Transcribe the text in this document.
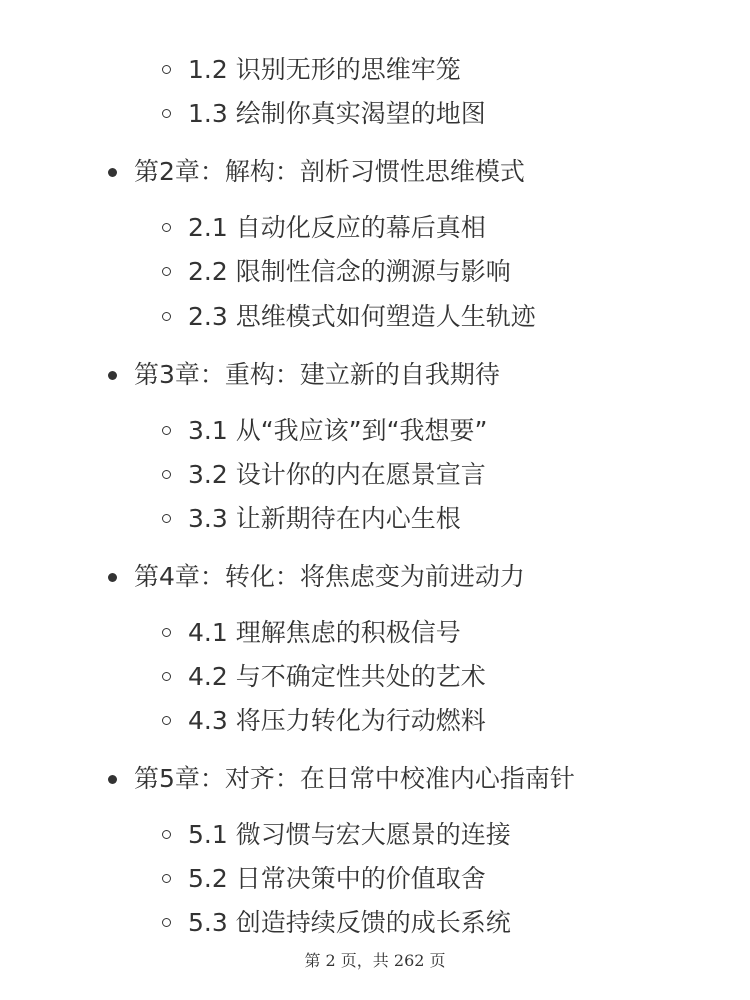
1.2 识别无形的思维牢笼
1.3 绘制你真实渴望的地图
第2章：解构：剖析习惯性思维模式
2.1 自动化反应的幕后真相
2.2 限制性信念的溯源与影响
2.3 思维模式如何塑造人生轨迹
第3章：重构：建立新的自我期待
3.1 从“我应该”到“我想要”
3.2 设计你的内在愿景宣言
3.3 让新期待在内心生根
第4章：转化：将焦虑变为前进动力
4.1 理解焦虑的积极信号
4.2 与不确定性共处的艺术
4.3 将压力转化为行动燃料
第5章：对齐：在日常中校准内心指南针
5.1 微习惯与宏大愿景的连接
5.2 日常决策中的价值取舍
5.3 创造持续反馈的成长系统
第 2 页，共 262 页
